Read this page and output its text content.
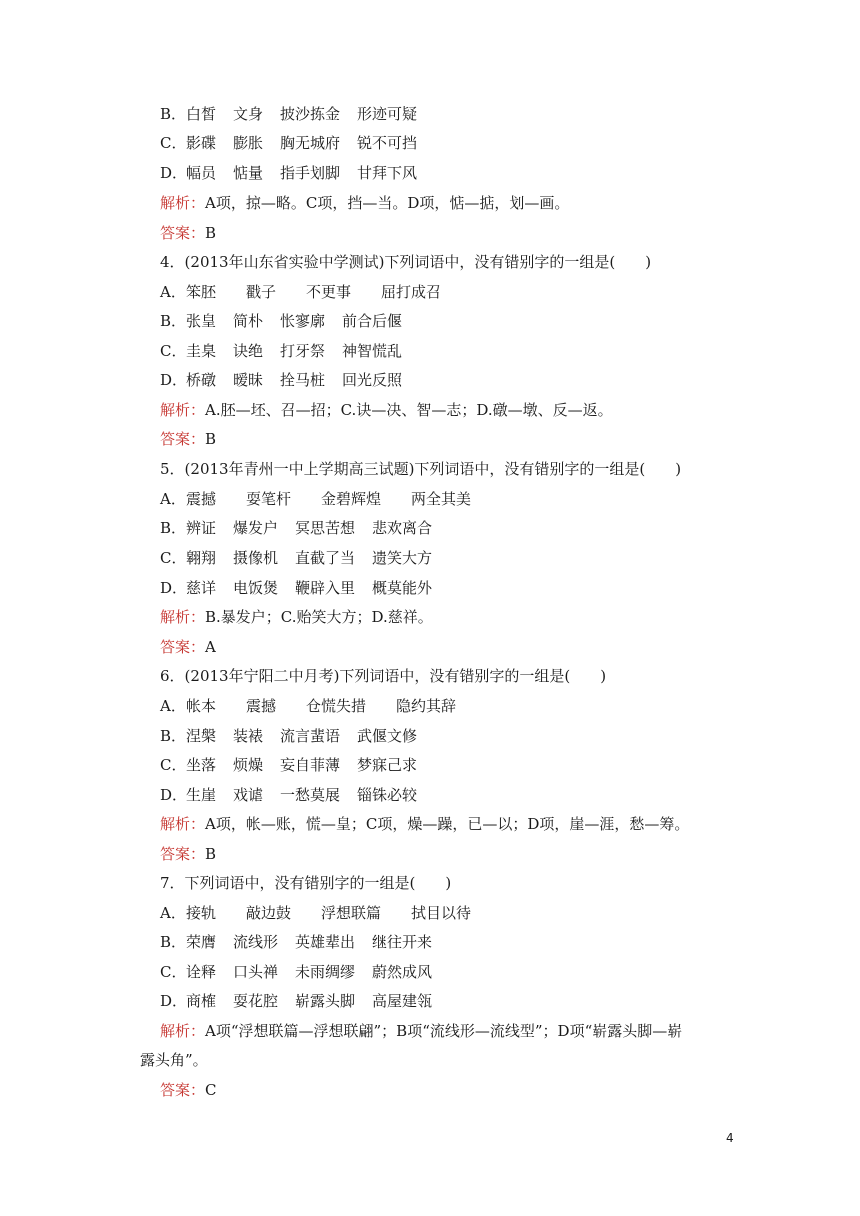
B． 白皙 文身 披沙拣金 形迹可疑
C． 影碟 膨胀 胸无城府 锐不可挡
D．
幅员 惦量 指手划脚 甘拜下风
解析：A项，掠—略。C项，挡—当。D项，惦—掂，划—画。
答案：B
4．(2013年山东省实验中学测试)下列词语中，没有错别字的一组是(　　)
A． 笨胚 戳子 不更事 屈打成召
B． 张皇 简朴 怅寥廓 前合后偃
C． 圭臬 诀绝 打牙祭 神智慌乱
D．
桥礅 暧昧 拴马桩 回光反照
解析：A.胚—坯、召—招；C.诀—决、智—志；D.礅—墩、反—返。
答案：B
5．(2013年青州一中上学期高三试题)下列词语中，没有错别字的一组是(　　)
A． 震撼 耍笔杆 金碧辉煌 两全其美
B． 辨证 爆发户 冥思苦想 悲欢离合
C． 翱翔 摄像机 直截了当 遗笑大方
D．
慈详 电饭煲 鞭辟入里 概莫能外
解析：B.暴发户；C.贻笑大方；D.慈祥。
答案：A
6．(2013年宁阳二中月考)下列词语中，没有错别字的一组是(　　)
A． 帐本 震撼 仓慌失措 隐约其辞
B． 涅槃 装裱 流言蜚语 武偃文修
C． 坐落 烦燥 妄自菲薄 梦寐己求
D．
生崖 戏谑 一愁莫展 锱铢必较
解析：A项，帐—账，慌—皇；C项，燥—躁，已—以；D项，崖—涯，愁—筹。
答案：B
7．下列词语中，没有错别字的一组是(　　)
A． 接轨 敲边鼓 浮想联篇 拭目以待
B． 荣膺 流线形 英雄辈出 继往开来
C． 诠释 口头禅 未雨绸缪 蔚然成风
D．
商榷 耍花腔 崭露头脚 高屋建瓴
解析：A项“浮想联篇—浮想联翩”；B项“流线形—流线型”；D项“崭露头脚—崭
露头角”。
答案：C
4
